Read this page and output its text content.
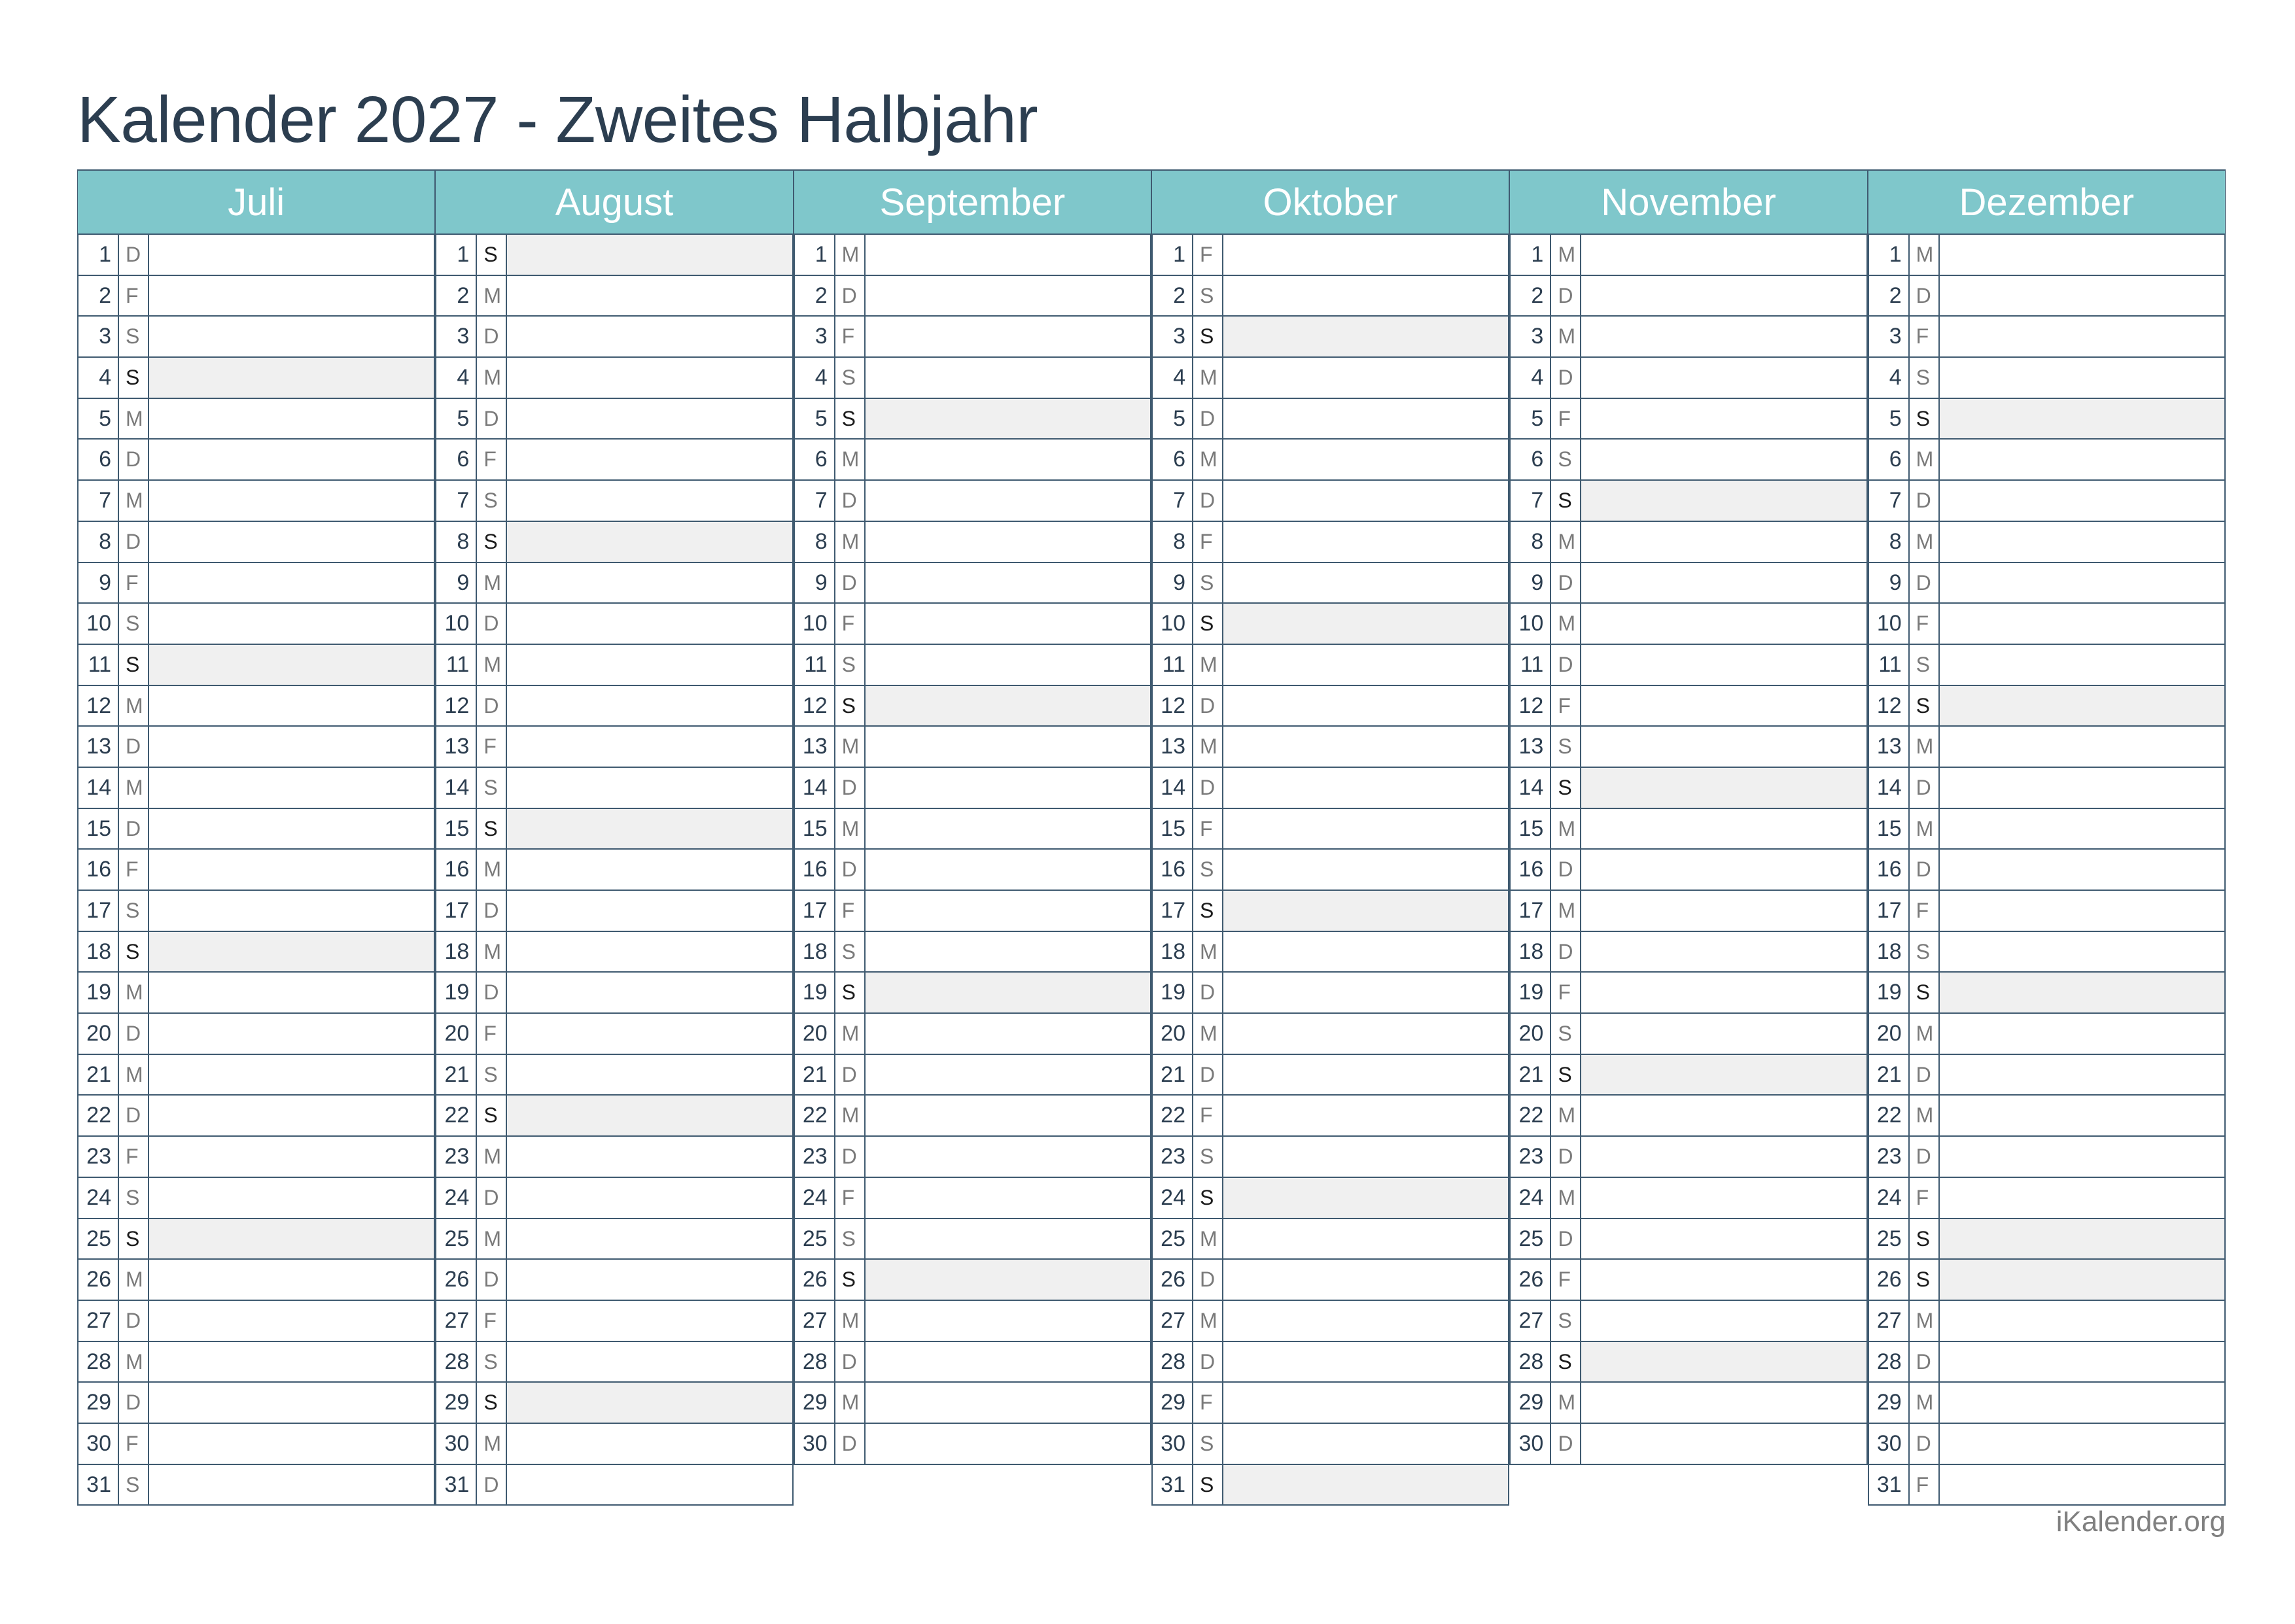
Kalender 2027 - Zweites Halbjahr
Juli
1 D
2 F
3 S
4 S
5 M
6 D
7 M
8 D
9 F
10 S
11 S
12 M
13 D
14 M
15 D
16 F
17 S
18 S
19 M
20 D
21 M
22 D
23 F
24 S
25 S
26 M
27 D
28 M
29 D
30 F
31 S
August
1 S
2 M
3 D
4 M
5 D
6 F
7 S
8 S
9 M
10 D
11 M
12 D
13 F
14 S
15 S
16 M
17 D
18 M
19 D
20 F
21 S
22 S
23 M
24 D
25 M
26 D
27 F
28 S
29 S
30 M
31 D
September
1 M
2 D
3 F
4 S
5 S
6 M
7 D
8 M
9 D
10 F
11 S
12 S
13 M
14 D
15 M
16 D
17 F
18 S
19 S
20 M
21 D
22 M
23 D
24 F
25 S
26 S
27 M
28 D
29 M
30 D
Oktober
1 F
2 S
3 S
4 M
5 D
6 M
7 D
8 F
9 S
10 S
11 M
12 D
13 M
14 D
15 F
16 S
17 S
18 M
19 D
20 M
21 D
22 F
23 S
24 S
25 M
26 D
27 M
28 D
29 F
30 S
31 S
November
1 M
2 D
3 M
4 D
5 F
6 S
7 S
8 M
9 D
10 M
11 D
12 F
13 S
14 S
15 M
16 D
17 M
18 D
19 F
20 S
21 S
22 M
23 D
24 M
25 D
26 F
27 S
28 S
29 M
30 D
Dezember
1 M
2 D
3 F
4 S
5 S
6 M
7 D
8 M
9 D
10 F
11 S
12 S
13 M
14 D
15 M
16 D
17 F
18 S
19 S
20 M
21 D
22 M
23 D
24 F
25 S
26 S
27 M
28 D
29 M
30 D
31 F
iKalender.org
